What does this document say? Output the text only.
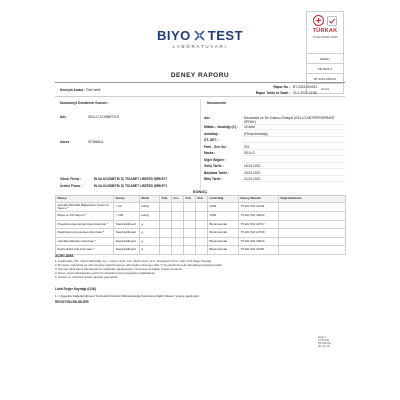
BIYO TEST
LABORATUVARI
TÜRKAK
TS EN ISO/IEC 17025
DENEY
AB-0904-T
BT-2023-000941
04-23
DENEY RAPORU
Deneyin Amacı : Özel İstek
Rapor No : BT-2023-000941
Rapor Tarihi ve Saati : 24.4.2023 13:59
Numuneyi Gönderen Kurum :
Adı :	GELLO COSMETICS
Adres :	İSTANBUL
Gönd. Firma :	ELVA KOZMETİK İÇ TİCARET LİMİTED ŞİRKETİ
Üretici Firma :	ELVA KOZMETİK İÇ TİCARET LİMİTED ŞİRKETİ
Numunenin
Adı :	Deodorant ve Ter Kokusu Önleyici (GELLO ANTIPERSPIRANT SPRAY)
Miktarı - Sıcaklığı (C) :	15 Adet
Ambalajı :	(Firma Ambalajı)
ÜT.-SKT. :	-
Parti - Seri No :	001
Marka :	GELLO
Diğer Bilgiler :	-
Geliş Tarihi :	18.04.2023
Başlama Tarihi :	18.04.2023
Bitiş Tarihi :	24.04.2023
SONUÇ
Deney	Sonuç	Birim	Ö.B.	G.L.	Ö.S.	D.S.	Limit Değ.	Deney Metodu	Değerlendirme
Aerobik Mezofilik Bakterilerin Tespit ve Sayımı *	< 10	kob/g					1000	TS EN ISO 21149	
Maya ve Küf Sayımı *	< 100	kob/g					1000	TS EN ISO 16212	
Pseudomonas Aeruginosa Aranması *	Tespit Edilmedi	g					Bulunmamalı	TS EN ISO 22717	
Staphylococcus Aureus Aranması *	Tespit Edilmedi	g					Bulunmamalı	TS EN ISO 22718	
Candida Albicans Aranması *	Tespit Edilmedi	g					Bulunmamalı	TS EN ISO 18416	
Escherichia Coli Aranması *	Tespit Edilmedi	g					Bulunmamalı	TS EN ISO 21150	
AÇIKLAMA
1. Kısaltmalar: Ö.B.: Ölçüm Belirsizliği, G.L.: Güven Limiti, Ö.S.: Ölçüm Sınırı, D.S.: Deteksiyon Sınırı, LDK: Limit Değer Kaynağı
2. Bu deney raporunda yer alan sonuçlar yalnızca deneye tabi tutulan numuneye aittir. (*) ile işaretli deneyler akreditasyon kapsamındadır.
3. Numune alma işlemi laboratuvarımız tarafından yapılmamıştır. Numuneye ait bilgiler müşteri beyanıdır.
4. Deney raporu laboratuvarın yazılı izni olmadan kısmen kopyalanıp çoğaltılamaz.
5. İmzasız ve mühürsüz deney raporları geçersizdir.
Limit Değer Kaynağı (LDK)
1 - Uygunluk Değerlendirmesi 'Kozmetik Ürünlerin Mikrobiyolojik Kontrolüne İlişkin Kılavuz' a göre yapılmıştır.
REVİZYON BİLGİLERİ
Sayfa 1
13.05.2021
PR.FRM.001
Rev. No: 00
